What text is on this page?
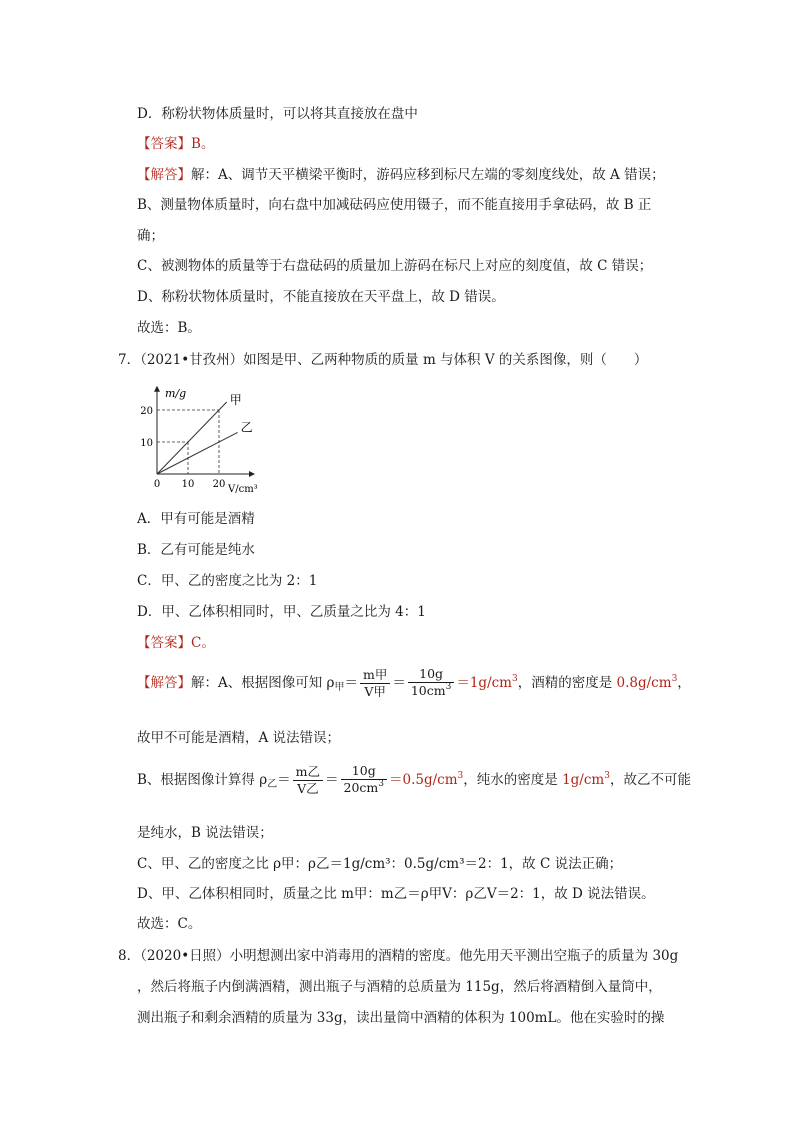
D．称粉状物体质量时，可以将其直接放在盘中
【答案】B。
【解答】解：A、调节天平横梁平衡时，游码应移到标尺左端的零刻度线处，故 A 错误；
B、测量物体质量时，向右盘中加减砝码应使用镊子，而不能直接用手拿砝码，故 B 正
确；
C、被测物体的质量等于右盘砝码的质量加上游码在标尺上对应的刻度值，故 C 错误；
D、称粉状物体质量时，不能直接放在天平盘上，故 D 错误。
故选：B。
7．（2021•甘孜州）如图是甲、乙两种物质的质量 m 与体积 V 的关系图像，则（　　）
m/g
V/cm³
0 10 20
10
20
甲
乙
A．甲有可能是酒精
B．乙有可能是纯水
C．甲、乙的密度之比为 2：1
D．甲、乙体积相同时，甲、乙质量之比为 4：1
【答案】C。
【解答】解：A、根据图像可知 $\rho_甲= \frac{\text{m甲}}{\text{V甲}} = \frac{10g}{10cm^3} =1g/cm^3$，酒精的密度是 $0.8g/cm^3$，
故甲不可能是酒精，A 说法错误；
B、根据图像计算得 $\rho_乙= \frac{\text{m乙}}{\text{V乙}} = \frac{10g}{20cm^3} =0.5g/cm^3$，纯水的密度是 $1g/cm^3$，故乙不可能
是纯水，B 说法错误；
C、甲、乙的密度之比 ρ甲：ρ乙＝1g/cm³：0.5g/cm³＝2：1，故 C 说法正确；
D、甲、乙体积相同时，质量之比 m甲：m乙＝ρ甲V：ρ乙V＝2：1，故 D 说法错误。
故选：C。
8．（2020•日照）小明想测出家中消毒用的酒精的密度。他先用天平测出空瓶子的质量为 30g
，然后将瓶子内倒满酒精，测出瓶子与酒精的总质量为 115g，然后将酒精倒入量筒中，
测出瓶子和剩余酒精的质量为 33g，读出量筒中酒精的体积为 100mL。他在实验时的操
